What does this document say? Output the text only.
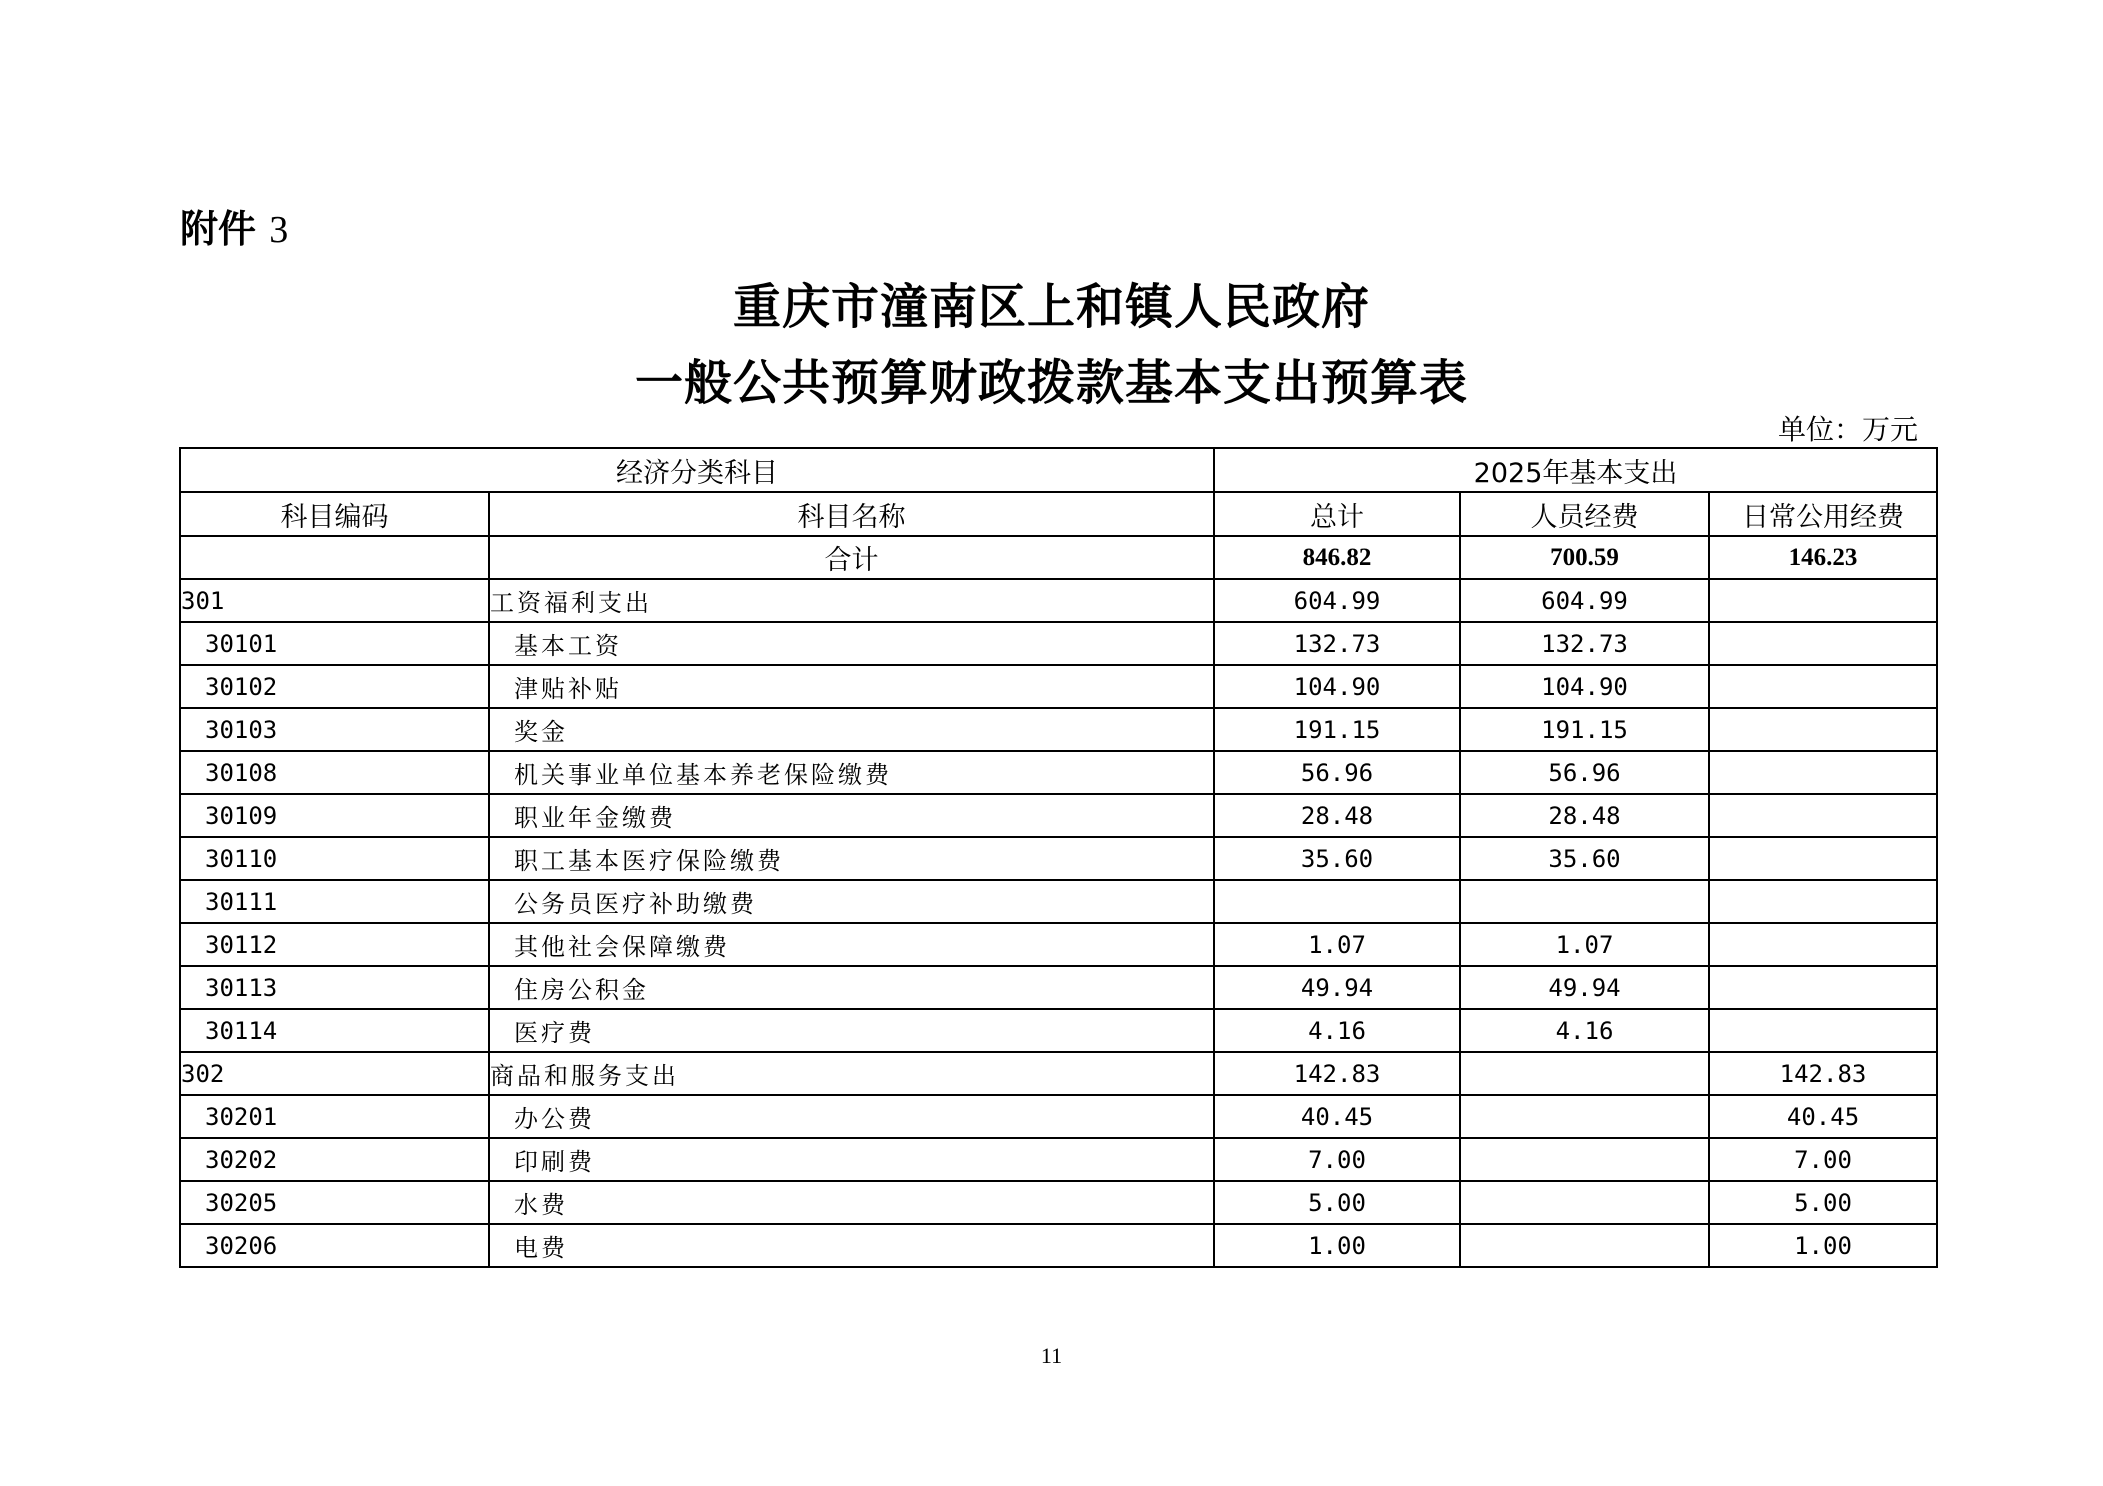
附件 3
重庆市潼南区上和镇人民政府
一般公共预算财政拨款基本支出预算表
单位：万元
经济分类科目		2025年基本支出		
科目编码	科目名称	总计	人员经费	日常公用经费
	合计	846.82	700.59	146.23
301	工资福利支出	604.99	604.99	
30101	基本工资	132.73	132.73	
30102	津贴补贴	104.90	104.90	
30103	奖金	191.15	191.15	
30108	机关事业单位基本养老保险缴费	56.96	56.96	
30109	职业年金缴费	28.48	28.48	
30110	职工基本医疗保险缴费	35.60	35.60	
30111	公务员医疗补助缴费			
30112	其他社会保障缴费	1.07	1.07	
30113	住房公积金	49.94	49.94	
30114	医疗费	4.16	4.16	
302	商品和服务支出	142.83		142.83
30201	办公费	40.45		40.45
30202	印刷费	7.00		7.00
30205	水费	5.00		5.00
30206	电费	1.00		1.00
11
